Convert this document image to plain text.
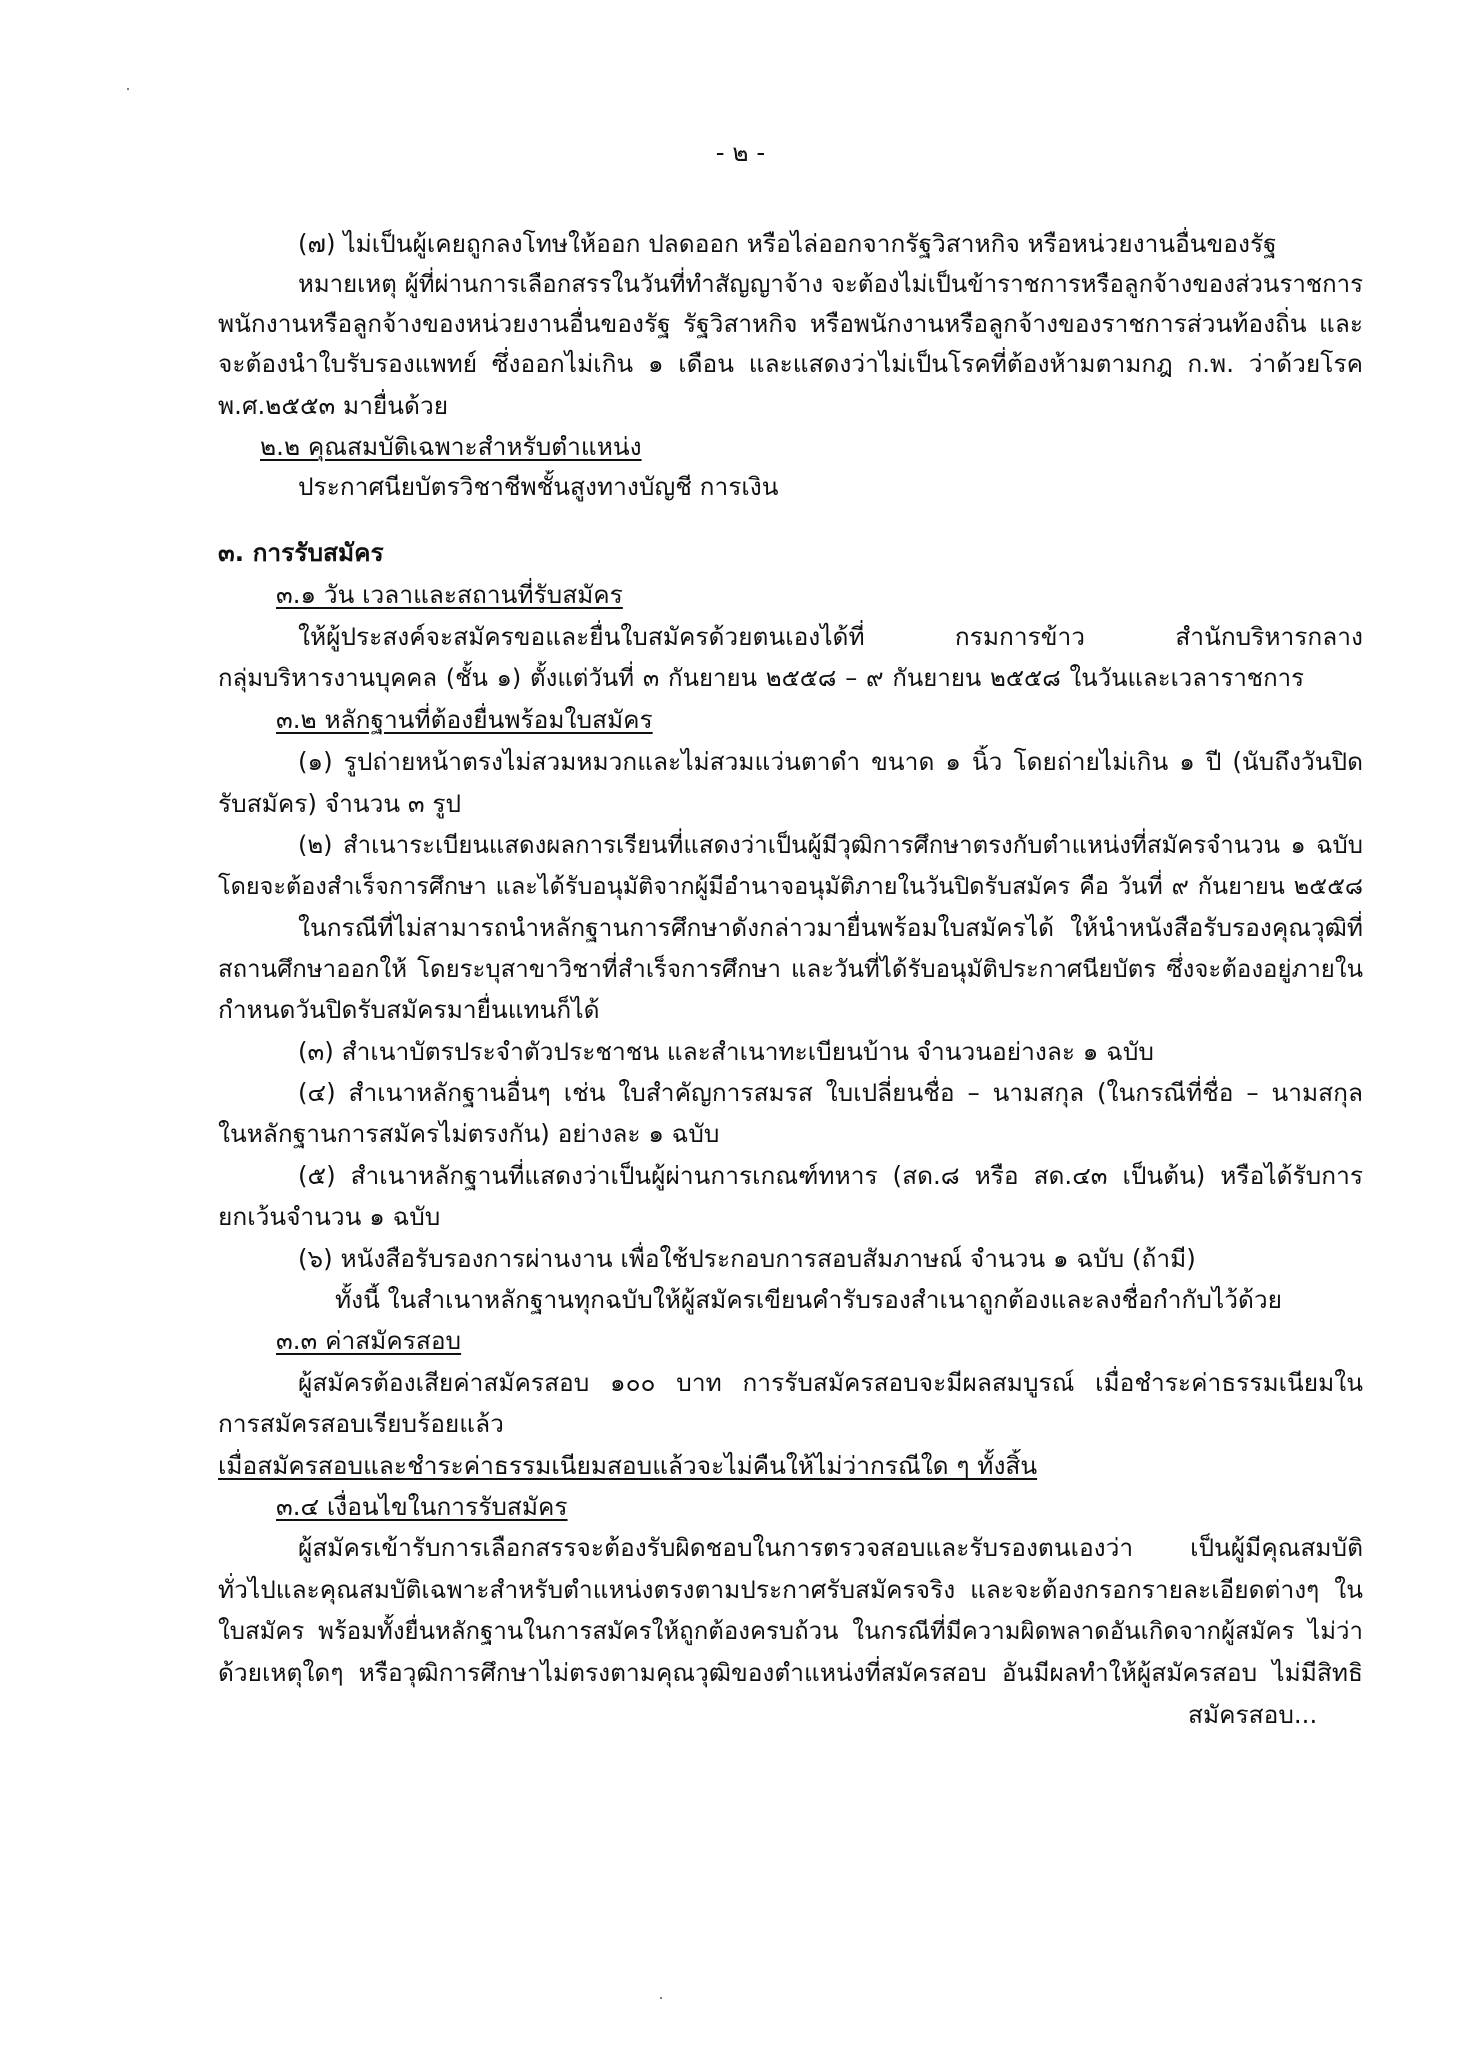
- ๒ -
(๗) ไม่เป็นผู้เคยถูกลงโทษให้ออก ปลดออก หรือไล่ออกจากรัฐวิสาหกิจ หรือหน่วยงานอื่นของรัฐ
หมายเหตุ ผู้ที่ผ่านการเลือกสรรในวันที่ทำสัญญาจ้าง จะต้องไม่เป็นข้าราชการหรือลูกจ้างของส่วนราชการ
พนักงานหรือลูกจ้างของหน่วยงานอื่นของรัฐ รัฐวิสาหกิจ หรือพนักงานหรือลูกจ้างของราชการส่วนท้องถิ่น และ
จะต้องนำใบรับรองแพทย์ ซึ่งออกไม่เกิน ๑ เดือน และแสดงว่าไม่เป็นโรคที่ต้องห้ามตามกฎ ก.พ. ว่าด้วยโรค
พ.ศ.๒๕๕๓ มายื่นด้วย
๒.๒ คุณสมบัติเฉพาะสำหรับตำแหน่ง
ประกาศนียบัตรวิชาชีพชั้นสูงทางบัญชี การเงิน
๓. การรับสมัคร
๓.๑ วัน เวลาและสถานที่รับสมัคร
ให้ผู้ประสงค์จะสมัครขอและยื่นใบสมัครด้วยตนเองได้ที่ กรมการข้าว สำนักบริหารกลาง
กลุ่มบริหารงานบุคคล (ชั้น ๑) ตั้งแต่วันที่ ๓ กันยายน ๒๕๕๘ – ๙ กันยายน ๒๕๕๘ ในวันและเวลาราชการ
๓.๒ หลักฐานที่ต้องยื่นพร้อมใบสมัคร
(๑) รูปถ่ายหน้าตรงไม่สวมหมวกและไม่สวมแว่นตาดำ ขนาด ๑ นิ้ว โดยถ่ายไม่เกิน ๑ ปี (นับถึงวันปิด
รับสมัคร) จำนวน ๓ รูป
(๒) สำเนาระเบียนแสดงผลการเรียนที่แสดงว่าเป็นผู้มีวุฒิการศึกษาตรงกับตำแหน่งที่สมัครจำนวน ๑ ฉบับ
โดยจะต้องสำเร็จการศึกษา และได้รับอนุมัติจากผู้มีอำนาจอนุมัติภายในวันปิดรับสมัคร คือ วันที่ ๙ กันยายน ๒๕๕๘
ในกรณีที่ไม่สามารถนำหลักฐานการศึกษาดังกล่าวมายื่นพร้อมใบสมัครได้ ให้นำหนังสือรับรองคุณวุฒิที่
สถานศึกษาออกให้ โดยระบุสาขาวิชาที่สำเร็จการศึกษา และวันที่ได้รับอนุมัติประกาศนียบัตร ซึ่งจะต้องอยู่ภายใน
กำหนดวันปิดรับสมัครมายื่นแทนก็ได้
(๓) สำเนาบัตรประจำตัวประชาชน และสำเนาทะเบียนบ้าน จำนวนอย่างละ ๑ ฉบับ
(๔) สำเนาหลักฐานอื่นๆ เช่น ใบสำคัญการสมรส ใบเปลี่ยนชื่อ – นามสกุล (ในกรณีที่ชื่อ – นามสกุล
ในหลักฐานการสมัครไม่ตรงกัน) อย่างละ ๑ ฉบับ
(๕) สำเนาหลักฐานที่แสดงว่าเป็นผู้ผ่านการเกณฑ์ทหาร (สด.๘ หรือ สด.๔๓ เป็นต้น) หรือได้รับการ
ยกเว้นจำนวน ๑ ฉบับ
(๖) หนังสือรับรองการผ่านงาน เพื่อใช้ประกอบการสอบสัมภาษณ์ จำนวน ๑ ฉบับ (ถ้ามี)
ทั้งนี้ ในสำเนาหลักฐานทุกฉบับให้ผู้สมัครเขียนคำรับรองสำเนาถูกต้องและลงชื่อกำกับไว้ด้วย
๓.๓ ค่าสมัครสอบ
ผู้สมัครต้องเสียค่าสมัครสอบ ๑๐๐ บาท การรับสมัครสอบจะมีผลสมบูรณ์ เมื่อชำระค่าธรรมเนียมใน
การสมัครสอบเรียบร้อยแล้ว
เมื่อสมัครสอบและชำระค่าธรรมเนียมสอบแล้วจะไม่คืนให้ไม่ว่ากรณีใด ๆ ทั้งสิ้น
๓.๔ เงื่อนไขในการรับสมัคร
ผู้สมัครเข้ารับการเลือกสรรจะต้องรับผิดชอบในการตรวจสอบและรับรองตนเองว่า เป็นผู้มีคุณสมบัติ
ทั่วไปและคุณสมบัติเฉพาะสำหรับตำแหน่งตรงตามประกาศรับสมัครจริง และจะต้องกรอกรายละเอียดต่างๆ ใน
ใบสมัคร พร้อมทั้งยื่นหลักฐานในการสมัครให้ถูกต้องครบถ้วน ในกรณีที่มีความผิดพลาดอันเกิดจากผู้สมัคร ไม่ว่า
ด้วยเหตุใดๆ หรือวุฒิการศึกษาไม่ตรงตามคุณวุฒิของตำแหน่งที่สมัครสอบ อันมีผลทำให้ผู้สมัครสอบ ไม่มีสิทธิ
สมัครสอบ...
